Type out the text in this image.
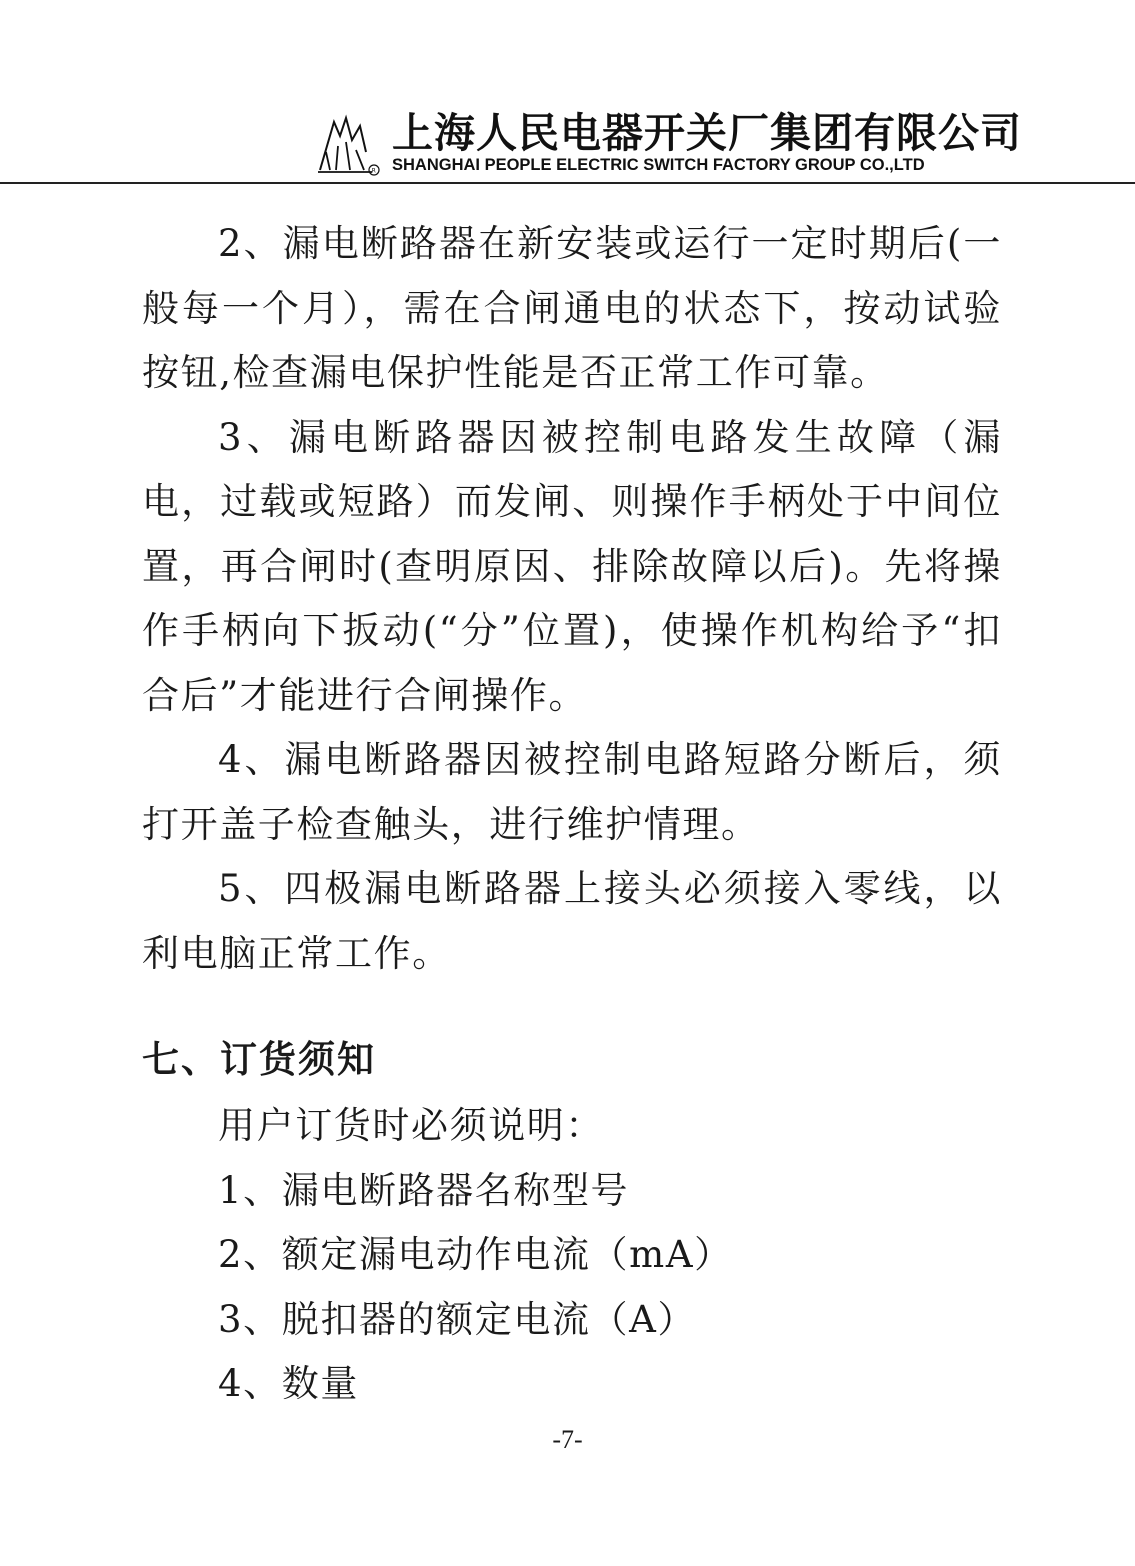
R
上海人民电器开关厂集团有限公司
SHANGHAI PEOPLE ELECTRIC SWITCH FACTORY GROUP CO.,LTD

2、漏电断路器在新安装或运行一定时期后(一般每一个月），需在合闸通电的状态下，按动试验按钮,检查漏电保护性能是否正常工作可靠。

3、漏电断路器因被控制电路发生故障（漏电，过载或短路）而发闸、则操作手柄处于中间位置，再合闸时(查明原因、排除故障以后)。先将操作手柄向下扳动(“分”位置)，使操作机构给予“扣合后”才能进行合闸操作。

4、漏电断路器因被控制电路短路分断后，须打开盖子检查触头，进行维护情理。

5、四极漏电断路器上接头必须接入零线，以利电脑正常工作。

七、订货须知

用户订货时必须说明：

1、漏电断路器名称型号

2、额定漏电动作电流（mA）

3、脱扣器的额定电流（A）

4、数量

-7-
